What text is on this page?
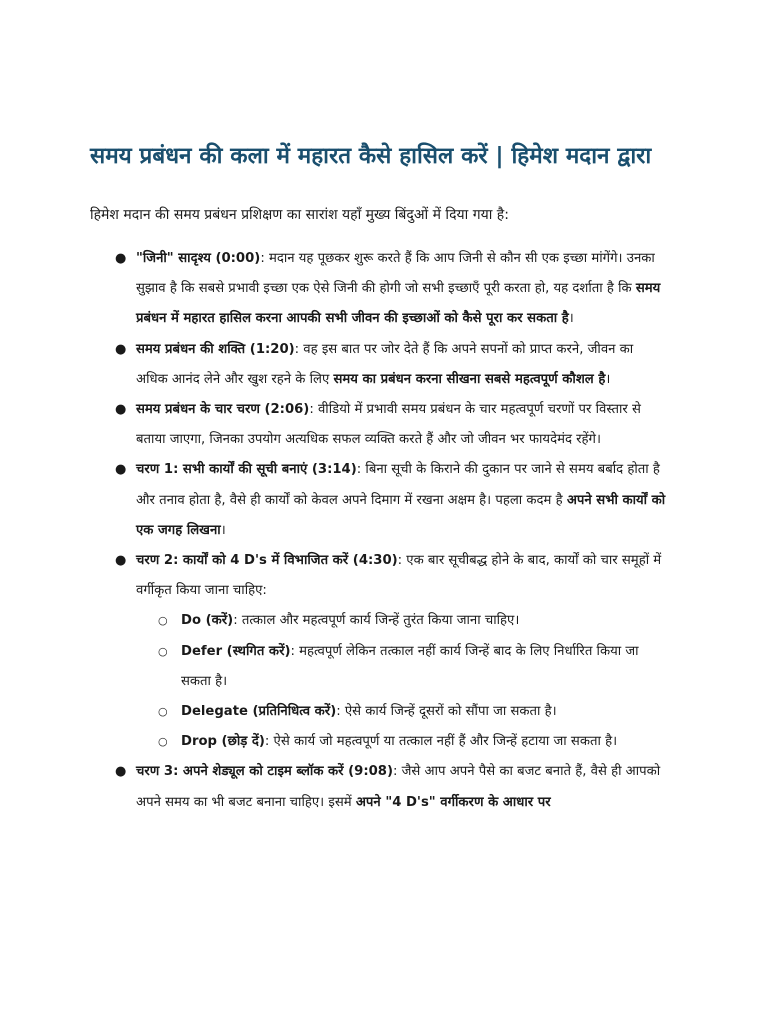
समय प्रबंधन की कला में महारत कैसे हासिल करें | हिमेश मदान द्वारा

हिमेश मदान की समय प्रबंधन प्रशिक्षण का सारांश यहाँ मुख्य बिंदुओं में दिया गया है:

● "जिनी" सादृश्य (0:00): मदान यह पूछकर शुरू करते हैं कि आप जिनी से कौन सी एक इच्छा मांगेंगे। उनका सुझाव है कि सबसे प्रभावी इच्छा एक ऐसे जिनी की होगी जो सभी इच्छाएँ पूरी करता हो, यह दर्शाता है कि समय प्रबंधन में महारत हासिल करना आपकी सभी जीवन की इच्छाओं को कैसे पूरा कर सकता है।
● समय प्रबंधन की शक्ति (1:20): वह इस बात पर जोर देते हैं कि अपने सपनों को प्राप्त करने, जीवन का अधिक आनंद लेने और खुश रहने के लिए समय का प्रबंधन करना सीखना सबसे महत्वपूर्ण कौशल है।
● समय प्रबंधन के चार चरण (2:06): वीडियो में प्रभावी समय प्रबंधन के चार महत्वपूर्ण चरणों पर विस्तार से बताया जाएगा, जिनका उपयोग अत्यधिक सफल व्यक्ति करते हैं और जो जीवन भर फायदेमंद रहेंगे।
● चरण 1: सभी कार्यों की सूची बनाएं (3:14): बिना सूची के किराने की दुकान पर जाने से समय बर्बाद होता है और तनाव होता है, वैसे ही कार्यों को केवल अपने दिमाग में रखना अक्षम है। पहला कदम है अपने सभी कार्यों को एक जगह लिखना।
● चरण 2: कार्यों को 4 D's में विभाजित करें (4:30): एक बार सूचीबद्ध होने के बाद, कार्यों को चार समूहों में वर्गीकृत किया जाना चाहिए:
○ Do (करें): तत्काल और महत्वपूर्ण कार्य जिन्हें तुरंत किया जाना चाहिए।
○ Defer (स्थगित करें): महत्वपूर्ण लेकिन तत्काल नहीं कार्य जिन्हें बाद के लिए निर्धारित किया जा सकता है।
○ Delegate (प्रतिनिधित्व करें): ऐसे कार्य जिन्हें दूसरों को सौंपा जा सकता है।
○ Drop (छोड़ दें): ऐसे कार्य जो महत्वपूर्ण या तत्काल नहीं हैं और जिन्हें हटाया जा सकता है।
● चरण 3: अपने शेड्यूल को टाइम ब्लॉक करें (9:08): जैसे आप अपने पैसे का बजट बनाते हैं, वैसे ही आपको अपने समय का भी बजट बनाना चाहिए। इसमें अपने "4 D's" वर्गीकरण के आधार पर
